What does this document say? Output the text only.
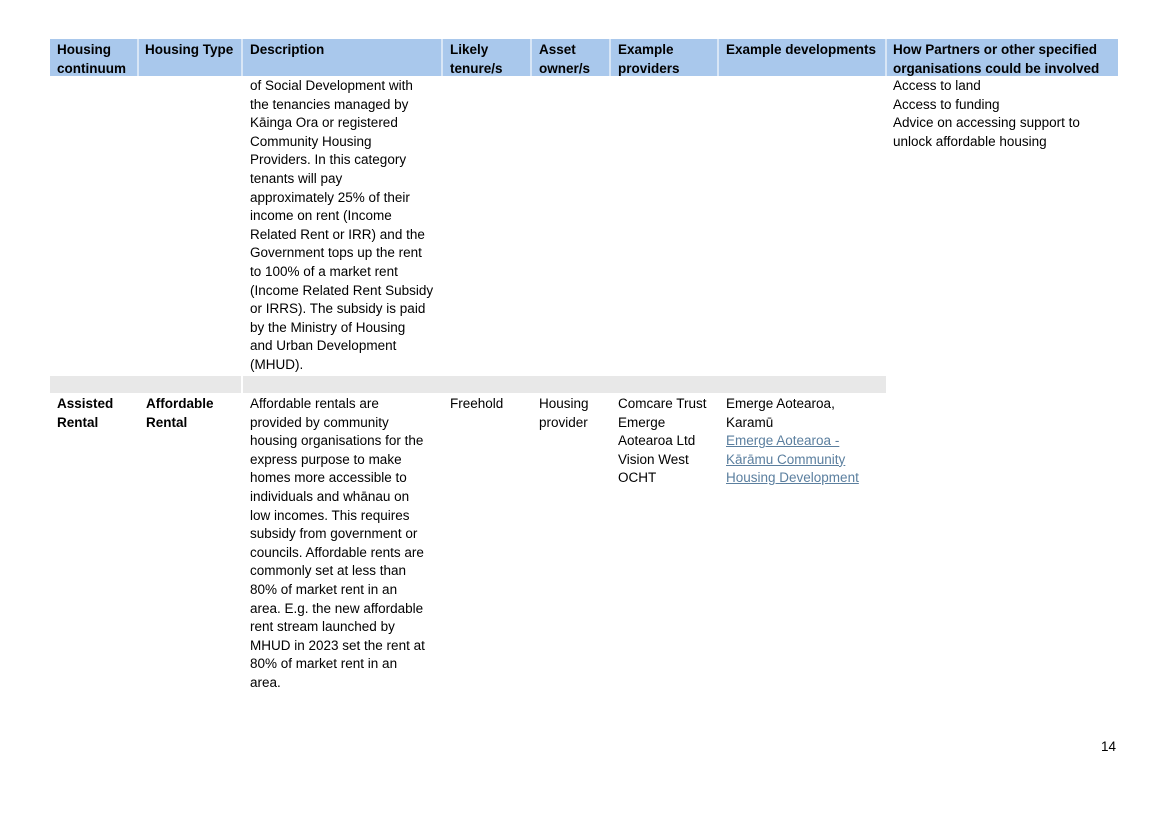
Housing
continuum
Housing Type Description	Likely
tenure/s
Asset
owner/s
Example
providers
Example developments How Partners or other specified
organisations could be involved
of Social Development with
the tenancies managed by
Kāinga Ora or registered
Community Housing
Providers. In this category
tenants will pay
approximately 25% of their
income on rent (Income
Related Rent or IRR) and the
Government tops up the rent
to 100% of a market rent
(Income Related Rent Subsidy
or IRRS). The subsidy is paid
by the Ministry of Housing
and Urban Development
(MHUD).
Access to land
Access to funding
Advice on accessing support to
unlock affordable housing
Assisted
Rental
Affordable
Rental
Affordable rentals are
provided by community
housing organisations for the
express purpose to make
homes more accessible to
individuals and whānau on
low incomes. This requires
subsidy from government or
councils. Affordable rents are
commonly set at less than
80% of market rent in an
area. E.g. the new affordable
rent stream launched by
MHUD in 2023 set the rent at
80% of market rent in an
area.
Freehold	Housing
provider
Comcare Trust
Emerge
Aotearoa Ltd
Vision West
OCHT
Emerge Aotearoa,
Karamū
Emerge Aotearoa -
Kārāmu Community
Housing Development
14
